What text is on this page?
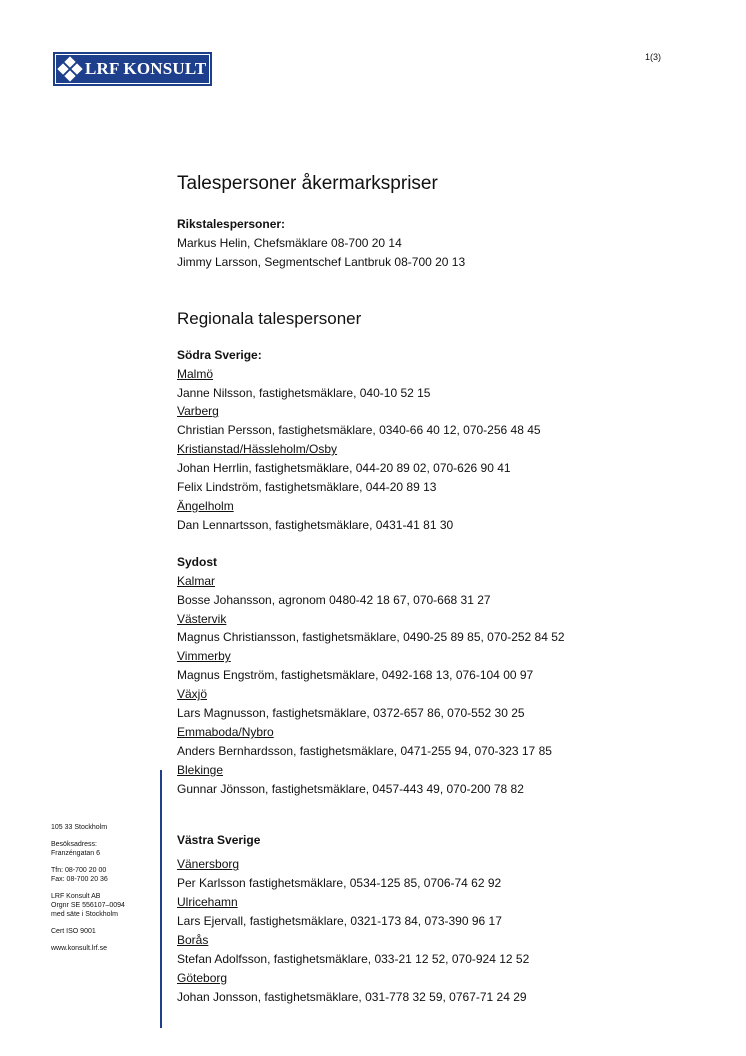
LRF KONSULT
1(3)
Talespersoner åkermarkspriser
Rikstalespersoner:
Markus Helin, Chefsmäklare 08-700 20 14
Jimmy Larsson, Segmentschef Lantbruk 08-700 20 13
Regionala talespersoner
Södra Sverige:
Malmö
Janne Nilsson, fastighetsmäklare, 040-10 52 15
Varberg
Christian Persson, fastighetsmäklare, 0340-66 40 12, 070-256 48 45
Kristianstad/Hässleholm/Osby
Johan Herrlin, fastighetsmäklare, 044-20 89 02, 070-626 90 41
Felix Lindström, fastighetsmäklare, 044-20 89 13
Ängelholm
Dan Lennartsson, fastighetsmäklare, 0431-41 81 30
Sydost
Kalmar
Bosse Johansson, agronom 0480-42 18 67, 070-668 31 27
Västervik
Magnus Christiansson, fastighetsmäklare, 0490-25 89 85, 070-252 84 52
Vimmerby
Magnus Engström, fastighetsmäklare, 0492-168 13, 076-104 00 97
Växjö
Lars Magnusson, fastighetsmäklare, 0372-657 86, 070-552 30 25
Emmaboda/Nybro
Anders Bernhardsson, fastighetsmäklare, 0471-255 94, 070-323 17 85
Blekinge
Gunnar Jönsson, fastighetsmäklare, 0457-443 49, 070-200 78 82
Västra Sverige
Vänersborg
Per Karlsson fastighetsmäklare, 0534-125 85, 0706-74 62 92
Ulricehamn
Lars Ejervall, fastighetsmäklare, 0321-173 84, 073-390 96 17
Borås
Stefan Adolfsson, fastighetsmäklare, 033-21 12 52, 070-924 12 52
Göteborg
Johan Jonsson, fastighetsmäklare, 031-778 32 59, 0767-71 24 29
105 33 Stockholm
Besöksadress:
Franzéngatan 6
Tfn: 08-700 20 00
Fax: 08-700 20 36
LRF Konsult AB
Orgnr SE 556107–0094
med säte i Stockholm
Cert ISO 9001
www.konsult.lrf.se
